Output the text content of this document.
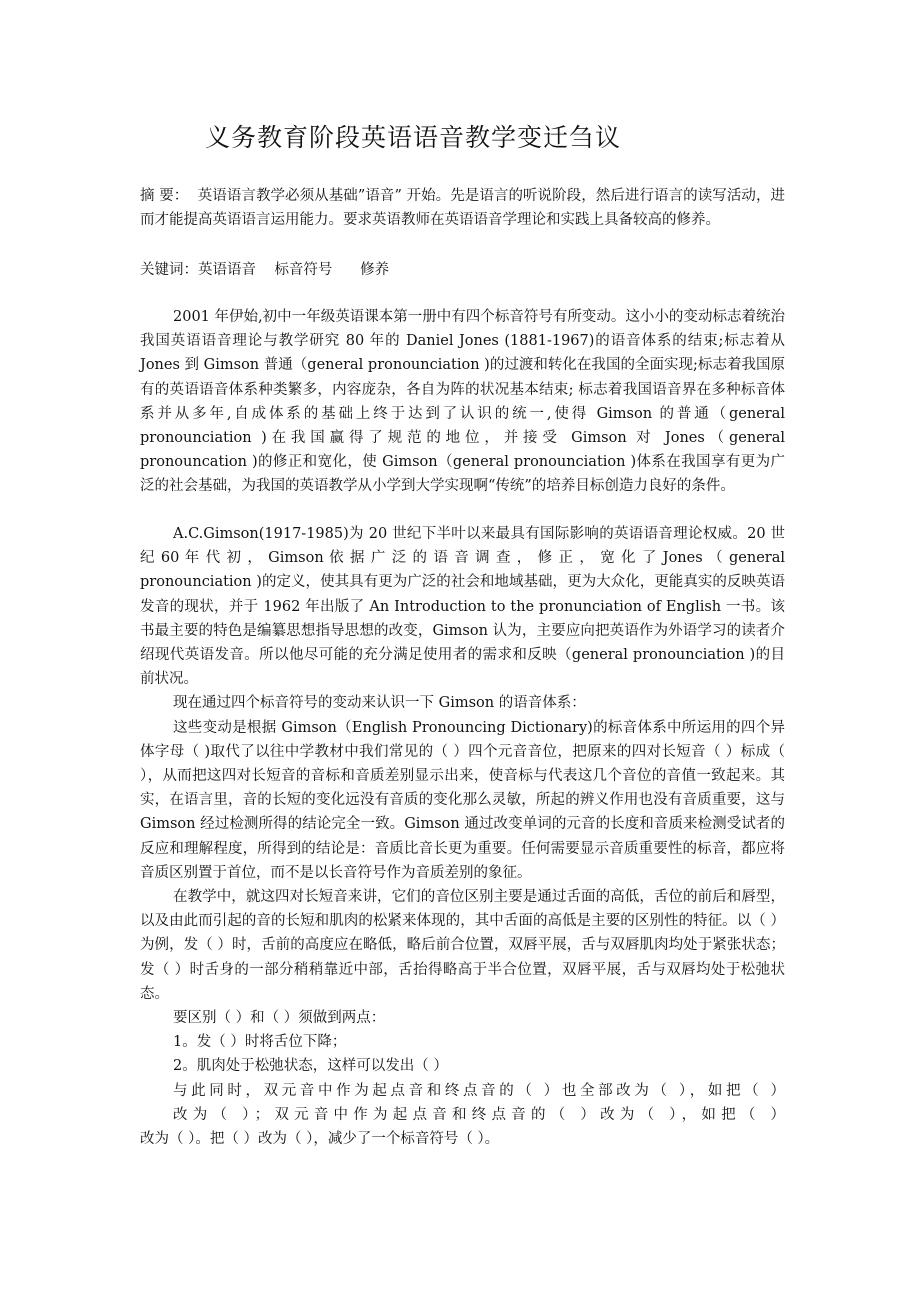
义务教育阶段英语语音教学变迁刍议

摘 要： 英语语言教学必须从基础”语音” 开始。先是语言的听说阶段，然后进行语言的读写活动，进而才能提高英语语言运用能力。要求英语教师在英语语音学理论和实践上具备较高的修养。

关键词：英语语音 标音符号 修养

2001 年伊始,初中一年级英语课本第一册中有四个标音符号有所变动。这小小的变动标志着统治我国英语语音理论与教学研究 80 年的 Daniel Jones (1881-1967)的语音体系的结束;标志着从 Jones 到 Gimson 普通（general pronounciation )的过渡和转化在我国的全面实现;标志着我国原有的英语语音体系种类繁多，内容庞杂，各自为阵的状况基本结束; 标志着我国语音界在多种标音体系并从多年,自成体系的基础上终于达到了认识的统一,使得 Gimson 的普通（general pronounciation )在我国赢得了规范的地位，并接受 Gimson 对 Jones（general pronouncation )的修正和宽化，使 Gimson（general pronounciation )体系在我国享有更为广泛的社会基础，为我国的英语教学从小学到大学实现啊“传统”的培养目标创造力良好的条件。

A.C.Gimson(1917-1985)为 20 世纪下半叶以来最具有国际影响的英语语音理论权威。20 世 纪 60 年 代 初 ， Gimson 依 据 广 泛 的 语 音 调 查 ， 修 正 ， 宽 化 了 Jones （ general pronounciation )的定义，使其具有更为广泛的社会和地域基础，更为大众化，更能真实的反映英语发音的现状，并于 1962 年出版了 An Introduction to the pronunciation of English 一书。该书最主要的特色是编纂思想指导思想的改变，Gimson 认为，主要应向把英语作为外语学习的读者介绍现代英语发音。所以他尽可能的充分满足使用者的需求和反映（general pronounciation )的目前状况。

现在通过四个标音符号的变动来认识一下 Gimson 的语音体系：

这些变动是根据 Gimson（English Pronouncing Dictionary)的标音体系中所运用的四个异体字母（ )取代了以往中学教材中我们常见的（ ）四个元音音位，把原来的四对长短音（ ）标成（ ），从而把这四对长短音的音标和音质差别显示出来，使音标与代表这几个音位的音值一致起来。其实，在语言里，音的长短的变化远没有音质的变化那么灵敏，所起的辨义作用也没有音质重要，这与 Gimson 经过检测所得的结论完全一致。Gimson 通过改变单词的元音的长度和音质来检测受试者的反应和理解程度，所得到的结论是：音质比音长更为重要。任何需要显示音质重要性的标音，都应将音质区别置于首位，而不是以长音符号作为音质差别的象征。

在教学中，就这四对长短音来讲，它们的音位区别主要是通过舌面的高低，舌位的前后和唇型，以及由此而引起的音的长短和肌肉的松紧来体现的，其中舌面的高低是主要的区别性的特征。以（ ）为例，发（ ）时，舌前的高度应在略低，略后前合位置，双唇平展，舌与双唇肌肉均处于紧张状态；发（ ）时舌身的一部分稍稍靠近中部，舌抬得略高于半合位置，双唇平展，舌与双唇均处于松弛状态。

要区别（ ）和（ ）须做到两点：

1。发（ ）时将舌位下降；

2。肌肉处于松弛状态，这样可以发出（ ）

与此同时，双元音中作为起点音和终点音的（ ）也全部改为（ ），如把（ ）

改为（ ）；双元音中作为起点音和终点音的（ ）改为（ ），如把（ ）

改为（ ）。把（ ）改为（ ），减少了一个标音符号（ ）。
